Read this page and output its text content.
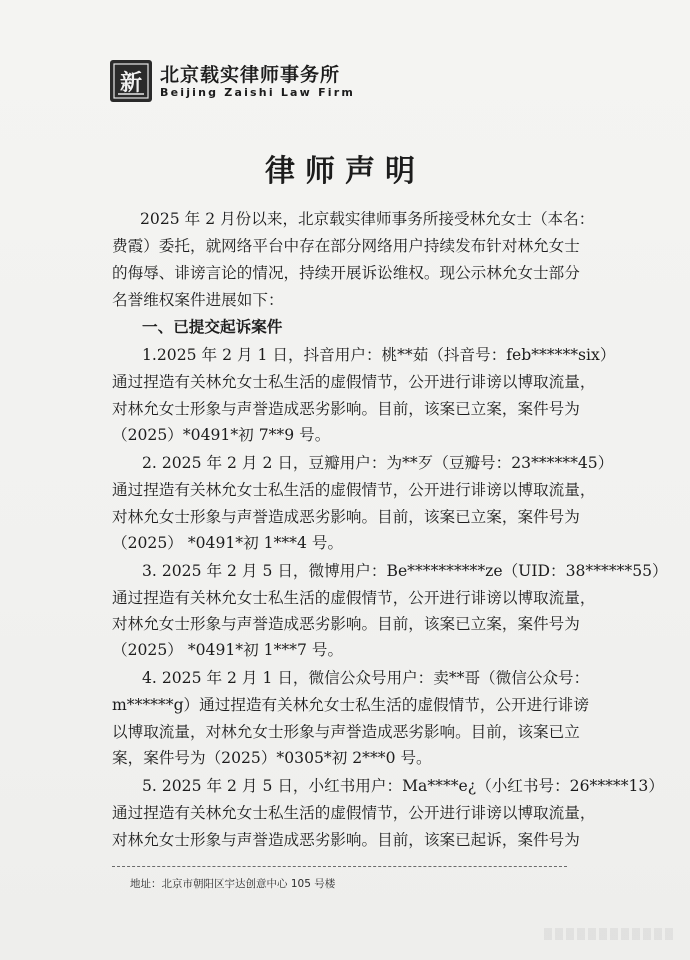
新 北京载实律师事务所
Beijing Zaishi Law Firm
律师声明
2025 年 2 月份以来，北京载实律师事务所接受林允女士（本名：
费霞）委托，就网络平台中存在部分网络用户持续发布针对林允女士
的侮辱、诽谤言论的情况，持续开展诉讼维权。现公示林允女士部分
名誉维权案件进展如下：
一、已提交起诉案件
1.2025 年 2 月 1 日，抖音用户：桃**茹（抖音号：feb******six）
通过捏造有关林允女士私生活的虚假情节，公开进行诽谤以博取流量，
对林允女士形象与声誉造成恶劣影响。目前，该案已立案，案件号为
（2025）*0491*初 7**9 号。
2. 2025 年 2 月 2 日，豆瓣用户：为**歹（豆瓣号：23******45）
通过捏造有关林允女士私生活的虚假情节，公开进行诽谤以博取流量，
对林允女士形象与声誉造成恶劣影响。目前，该案已立案，案件号为
（2025） *0491*初 1***4 号。
3. 2025 年 2 月 5 日，微博用户：Be**********ze（UID：38******55）
通过捏造有关林允女士私生活的虚假情节，公开进行诽谤以博取流量，
对林允女士形象与声誉造成恶劣影响。目前，该案已立案，案件号为
（2025） *0491*初 1***7 号。
4. 2025 年 2 月 1 日，微信公众号用户：卖**哥（微信公众号：
m******g）通过捏造有关林允女士私生活的虚假情节，公开进行诽谤
以博取流量，对林允女士形象与声誉造成恶劣影响。目前，该案已立
案，案件号为（2025）*0305*初 2***0 号。
5. 2025 年 2 月 5 日，小红书用户：Ma****e¿（小红书号：26*****13）
通过捏造有关林允女士私生活的虚假情节，公开进行诽谤以博取流量，
对林允女士形象与声誉造成恶劣影响。目前，该案已起诉，案件号为
地址：北京市朝阳区宇达创意中心 105 号楼
